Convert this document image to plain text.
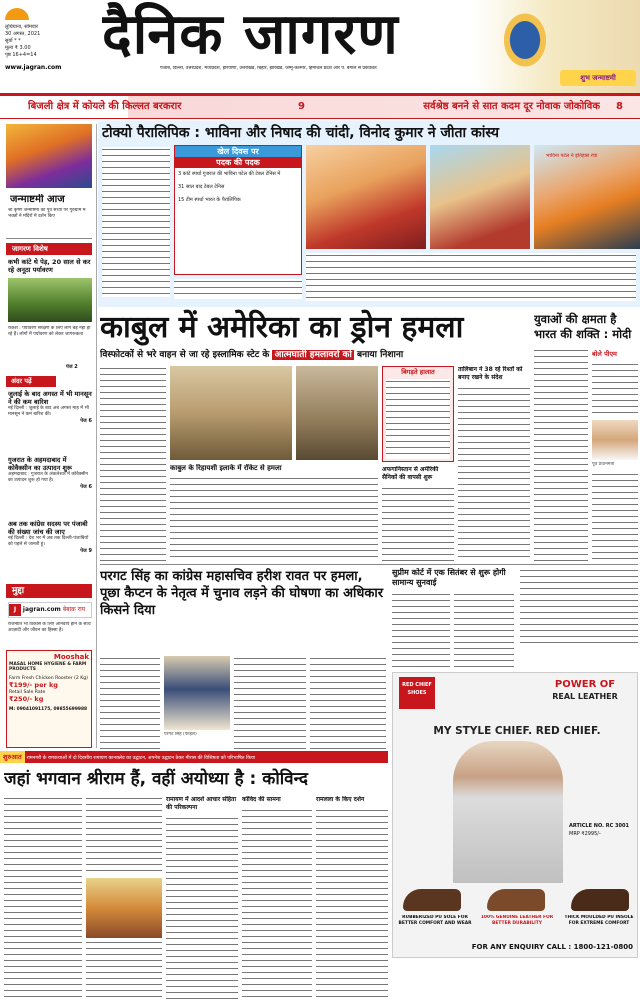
लुधियाना, सोमवार
30 अगस्त, 2021
सुर्या * *
मूल्य ₹ 3.00
पृष्ठ 16+4=14	दैनिक जागरण
पंजाब, दिल्ली, उत्तरप्रदेश, मध्यप्रदेश, हरियाणा, उत्तराखंड, बिहार, झारखंड, जम्मू-कश्मीर, हिमाचल प्रदेश और प. बंगाल से प्रकाशित
www.jagran.com
शुभ जन्माष्टमी
बिजली क्षेत्र में कोयले की किल्लत बरकरार	9	सर्वश्रेष्ठ बनने से सात कदम दूर नोवाक जोकोविक 8
जन्माष्टमी आज
श्री कृष्ण जन्माष्टमी की पूर्व संध्या पर गुरुग्राम में भक्तों ने मंदिरों में दर्शन किए
जागरण विशेष
कभी कांटे थे पेड़, 20 साल से कर रहे अनूठा पर्यावरण
राकेश : पर्यावरण संरक्षण के लिए लोग बड़े नहीं हो रहे हैं। लोगों में पर्यावरण को लेकर जागरूकता
पेज 2
अंदर पढ़ें
जुलाई के बाद अगस्त में भी मानसून ने की कम बारिश
नई दिल्ली : जुलाई के बाद अब अगस्त माह में भी मानसून ने कम बारिश की।
पेज 6
गुजरात के अहमदाबाद में कोवैक्सीन का उत्पादन शुरू
अहमदाबाद : गुजरात के अंकलेश्वर में कोवैक्सीन का उत्पादन शुरू हो गया है।
पेज 6
अब तक कांग्रेस सदस्य पर पंजाबी की संख्या जांच की जाए
नई दिल्ली : देश भर में अब तक दिल्ली-पंजाबियों को पहले से जानती हूं।
पेज 9
मुद्दा
J jagran.com बेबाक़ राय
राजनीति भी विकास के लिए अनिवार्य होने के साथ आज़ादी और जीवन का हिस्सा है।
Mooshak
MASAL HOME HYGIENE & FARM PRODUCTS
Farm Fresh Chicken Rooster (2 Kg)
₹199/- per kg
Retail Sale Rate
₹250/- kg
M: 09041091175, 09855699988
टोक्यो पैरालिपिक : भाविना और निषाद की चांदी, विनोद कुमार ने जीता कांस्य
खेल दिवस पर
पदक की पदक
3 कांटे स्पर्धा गुजरात की भाविना पटेल की टेबल टेनिस में
31 साल बाद टेबल टेनिस
15 टीम स्पर्धा भारत के पैरालिंपिक
भाविना पटेल ने इतिहास रचा
काबुल में अमेरिका का ड्रोन हमला
विस्फोटकों से भरे वाहन से जा रहे इस्लामिक स्टेट के आत्मघाती हमलावरों को बनाया निशाना
काबुल के रिहायशी इलाके में रॉकेट से हमला
बिगड़ते हालात	तालिबान ने 38 रहे रिश्तों को बनाए रखने के संदेश
अफगानिस्तान से अमेरिकी सैनिकों की वापसी शुरू
युवाओं की क्षमता है भारत की शक्ति : मोदी
बोले पीएम
पूर्व प्रधानमंत्री
परगट सिंह का कांग्रेस महासचिव हरीश रावत पर हमला, पूछा कैप्टन के नेतृत्व में चुनाव लड़ने की घोषणा का अधिकार किसने दिया
परगट सिंह (फाइल)
सुप्रीम कोर्ट में एक सितंबर से शुरू होगी सामान्य सुनवाई
RED CHIEF SHOES
POWER OF
REAL LEATHER
MY STYLE CHIEF. RED CHIEF.
ARTICLE NO. RC 3001
MRP ₹2995/-
RUBBERIZED PU SOLE FOR BETTER COMFORT AND WEAR
100% GENUINE LEATHER FOR BETTER DURABILITY
THICK MOULDED PU INSOLE FOR EXTREME COMFORT
FOR ANY ENQUIRY CALL : 1800-121-0800
शुरुआत रामनगरी के रामकथाओं में दो दिवसीय रामायण कानक्लेव का उद्घाटन, अपनेश उद्घाटन ठेकर मीरास की विशिष्टता को परिभाषित किया
जहां भगवान श्रीराम हैं, वहीं अयोध्या है : कोविन्द
रामायण में आदर्श आचार संहिता की परिकल्पना
कोविद की सामना	रामलला के किए दर्शन
